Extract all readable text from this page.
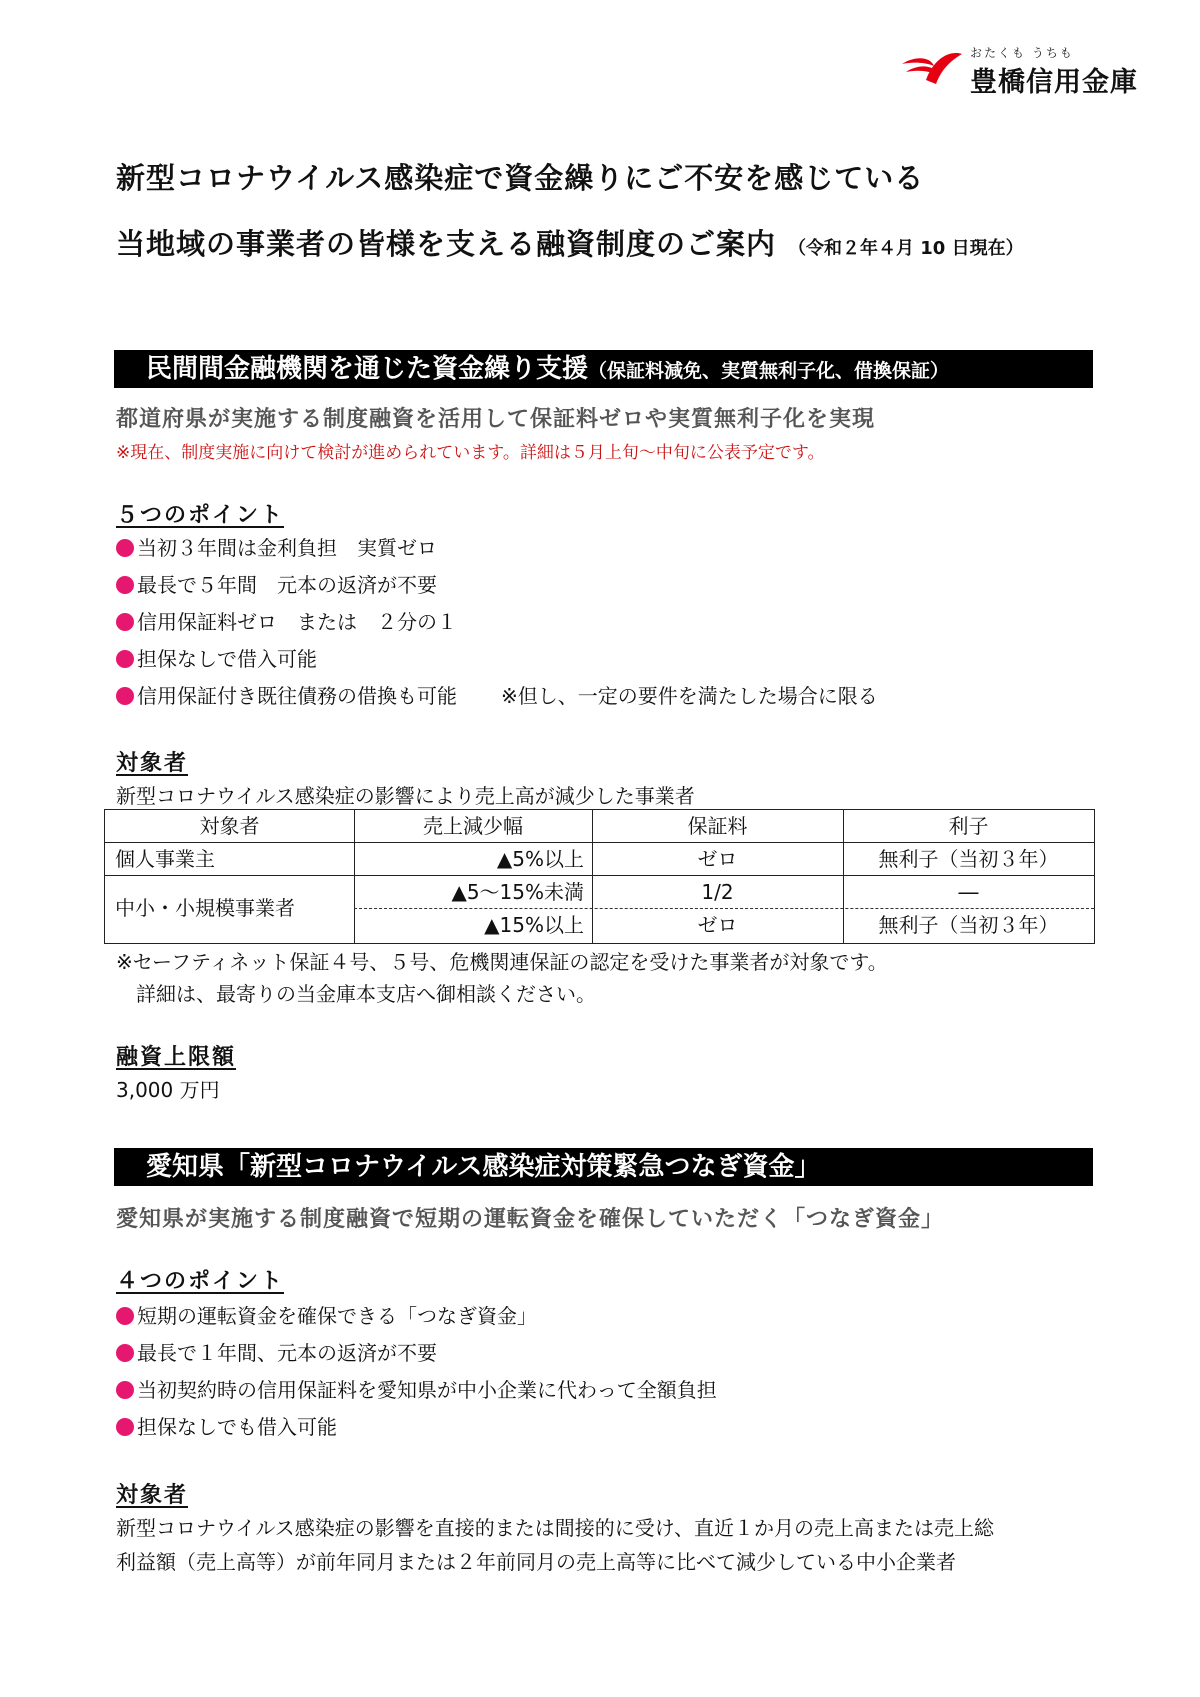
おたくも うちも
豊橋信用金庫
新型コロナウイルス感染症で資金繰りにご不安を感じている
当地域の事業者の皆様を支える融資制度のご案内 （令和２年４月 10 日現在）
民間間金融機関を通じた資金繰り支援（保証料減免、実質無利子化、借換保証）
都道府県が実施する制度融資を活用して保証料ゼロや実質無利子化を実現
※現在、制度実施に向けて検討が進められています。詳細は５月上旬～中旬に公表予定です。
５つのポイント
当初３年間は金利負担　実質ゼロ
最長で５年間　元本の返済が不要
信用保証料ゼロ　または　２分の１
担保なしで借入可能
信用保証付き既往債務の借換も可能 ※但し、一定の要件を満たした場合に限る
対象者
新型コロナウイルス感染症の影響により売上高が減少した事業者
対象者	売上減少幅	保証料	利子
個人事業主	▲5%以上	ゼロ	無利子（当初３年）
中小・小規模事業者
▲5～15%未満	1/2	―
▲15%以上	ゼロ	無利子（当初３年）
※セーフティネット保証４号、５号、危機関連保証の認定を受けた事業者が対象です。
　詳細は、最寄りの当金庫本支店へ御相談ください。
融資上限額
3,000 万円
愛知県「新型コロナウイルス感染症対策緊急つなぎ資金」
愛知県が実施する制度融資で短期の運転資金を確保していただく「つなぎ資金」
４つのポイント
短期の運転資金を確保できる「つなぎ資金」
最長で１年間、元本の返済が不要
当初契約時の信用保証料を愛知県が中小企業に代わって全額負担
担保なしでも借入可能
対象者
新型コロナウイルス感染症の影響を直接的または間接的に受け、直近１か月の売上高または売上総
利益額（売上高等）が前年同月または２年前同月の売上高等に比べて減少している中小企業者
